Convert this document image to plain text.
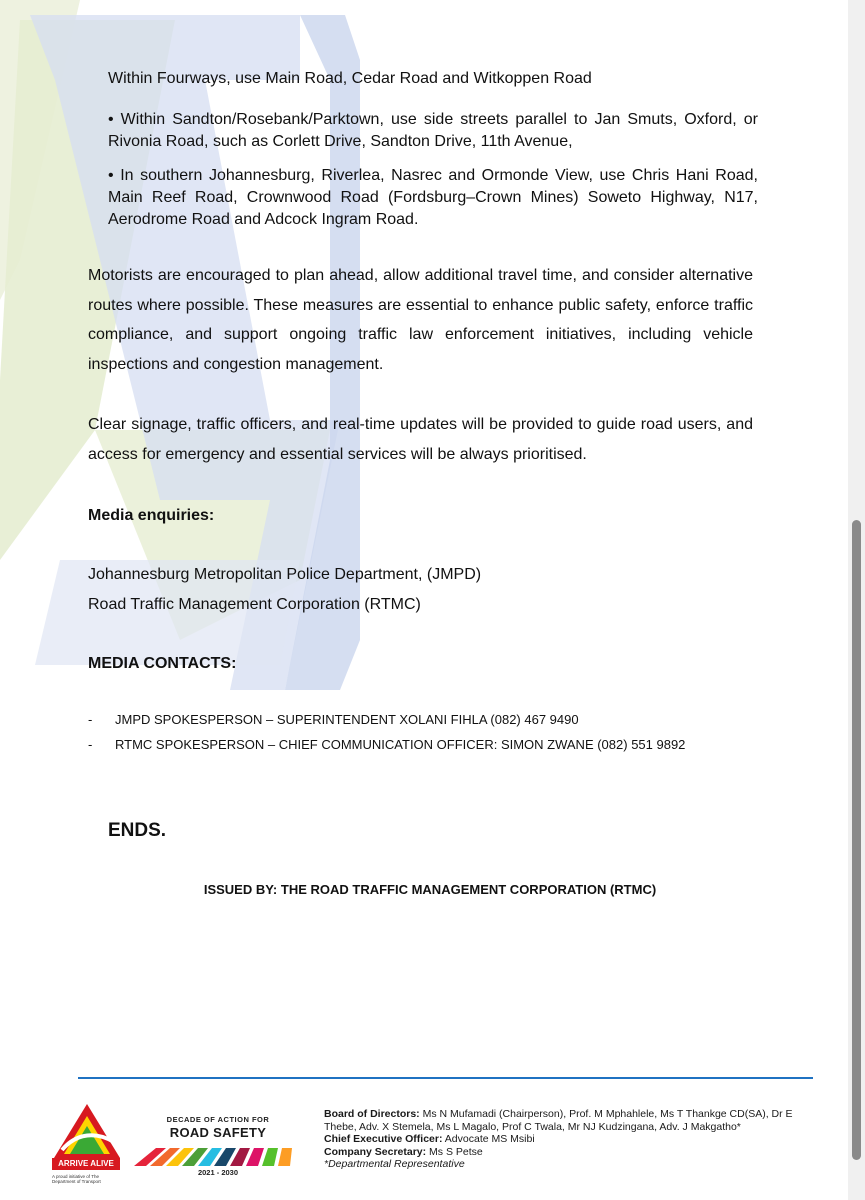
Within Fourways, use Main Road, Cedar Road and Witkoppen Road
• Within Sandton/Rosebank/Parktown, use side streets parallel to Jan Smuts, Oxford, or Rivonia Road, such as Corlett Drive, Sandton Drive, 11th Avenue,
• In southern Johannesburg, Riverlea, Nasrec and Ormonde View, use Chris Hani Road, Main Reef Road, Crownwood Road (Fordsburg–Crown Mines) Soweto Highway, N17, Aerodrome Road and Adcock Ingram Road.
Motorists are encouraged to plan ahead, allow additional travel time, and consider alternative routes where possible. These measures are essential to enhance public safety, enforce traffic compliance, and support ongoing traffic law enforcement initiatives, including vehicle inspections and congestion management.
Clear signage, traffic officers, and real-time updates will be provided to guide road users, and access for emergency and essential services will be always prioritised.
Media enquiries:
Johannesburg Metropolitan Police Department, (JMPD)
Road Traffic Management Corporation (RTMC)
MEDIA CONTACTS:
- JMPD SPOKESPERSON – SUPERINTENDENT XOLANI FIHLA (082) 467 9490
- RTMC SPOKESPERSON – CHIEF COMMUNICATION OFFICER: SIMON ZWANE (082) 551 9892
ENDS.
ISSUED BY: THE ROAD TRAFFIC MANAGEMENT CORPORATION (RTMC)
ARRIVE ALIVE
A proud initiative of The Department of Transport
DECADE OF ACTION FOR
ROAD SAFETY
2021 - 2030
Board of Directors: Ms N Mufamadi (Chairperson), Prof. M Mphahlele, Ms T Thankge CD(SA), Dr E Thebe, Adv. X Stemela, Ms L Magalo, Prof C Twala, Mr NJ Kudzingana, Adv. J Makgatho*
Chief Executive Officer: Advocate MS Msibi
Company Secretary: Ms S Petse
*Departmental Representative
